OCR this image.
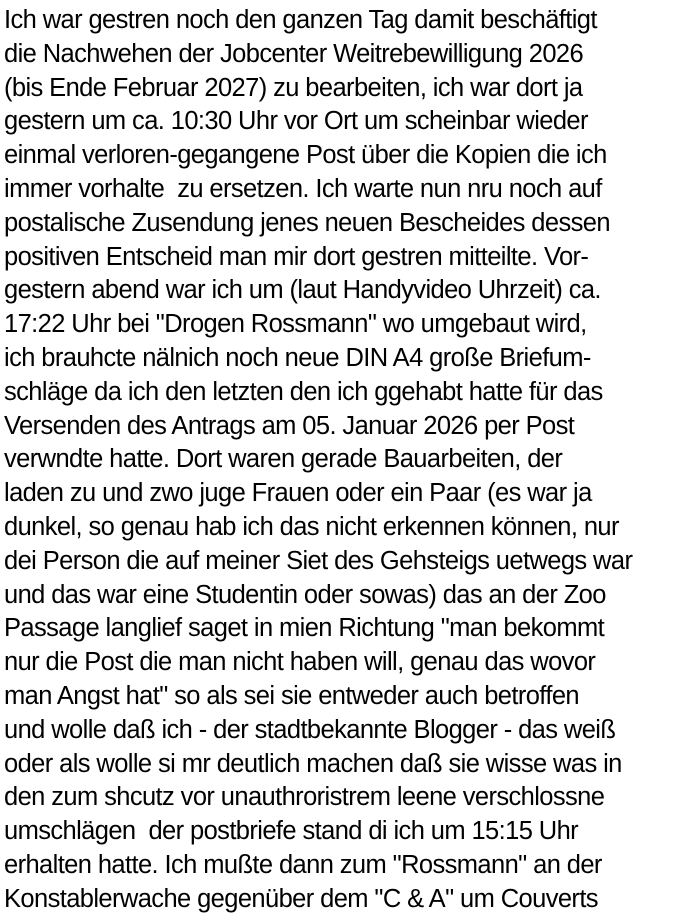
Ich war gestren noch den ganzen Tag damit beschäftigt
die Nachwehen der Jobcenter Weitrebewilligung 2026
(bis Ende Februar 2027) zu bearbeiten, ich war dort ja
gestern um ca. 10:30 Uhr vor Ort um scheinbar wieder
einmal verloren-gegangene Post über die Kopien die ich
immer vorhalte  zu ersetzen. Ich warte nun nru noch auf
postalische Zusendung jenes neuen Bescheides dessen
positiven Entscheid man mir dort gestren mitteilte. Vor-
gestern abend war ich um (laut Handyvideo Uhrzeit) ca.
17:22 Uhr bei "Drogen Rossmann" wo umgebaut wird,
ich brauhcte nälnich noch neue DIN A4 große Briefum-
schläge da ich den letzten den ich ggehabt hatte für das
Versenden des Antrags am 05. Januar 2026 per Post
verwndte hatte. Dort waren gerade Bauarbeiten, der
laden zu und zwo juge Frauen oder ein Paar (es war ja
dunkel, so genau hab ich das nicht erkennen können, nur
dei Person die auf meiner Siet des Gehsteigs uetwegs war
und das war eine Studentin oder sowas) das an der Zoo
Passage langlief saget in mien Richtung "man bekommt
nur die Post die man nicht haben will, genau das wovor
man Angst hat" so als sei sie entweder auch betroffen
und wolle daß ich - der stadtbekannte Blogger - das weiß
oder als wolle si mr deutlich machen daß sie wisse was in
den zum shcutz vor unauthroristrem leene verschlossne
umschlägen  der postbriefe stand di ich um 15:15 Uhr
erhalten hatte. Ich mußte dann zum "Rossmann" an der
Konstablerwache gegenüber dem "C & A" um Couverts
